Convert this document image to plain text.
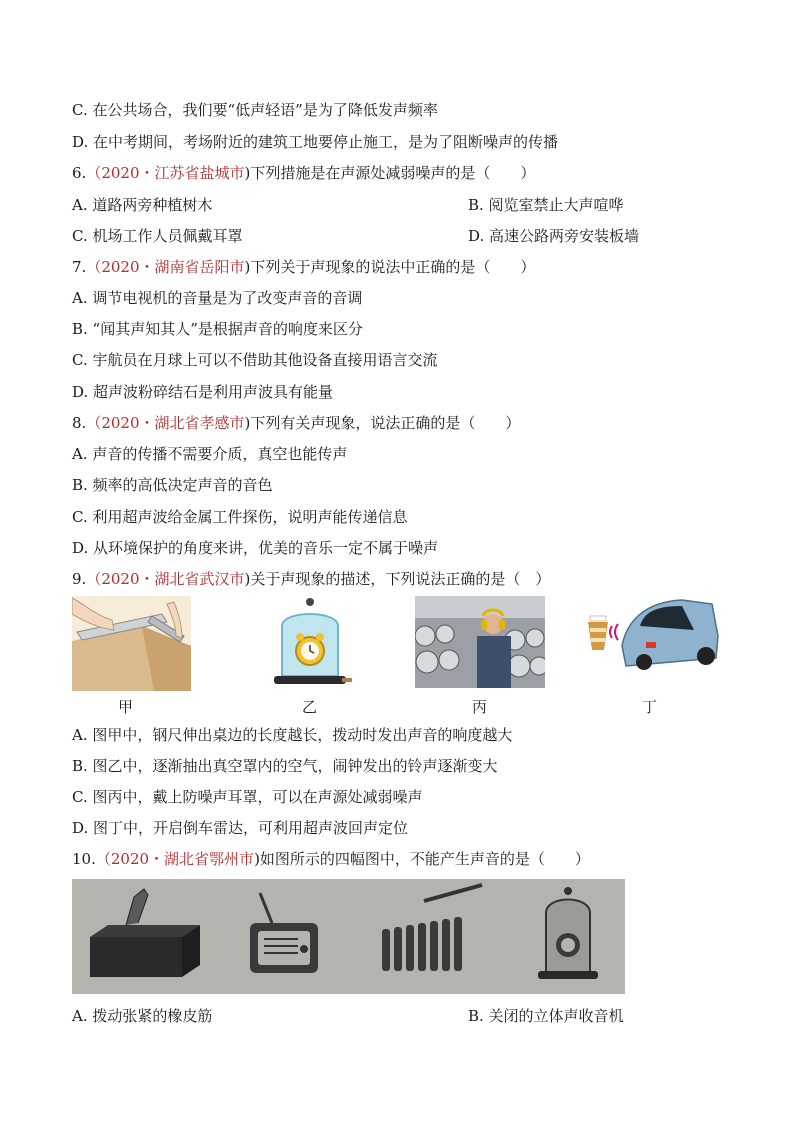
C. 在公共场合，我们要“低声轻语”是为了降低发声频率
D. 在中考期间，考场附近的建筑工地要停止施工，是为了阻断噪声的传播
6.（2020・江苏省盐城市)下列措施是在声源处减弱噪声的是（　　）
A. 道路两旁种植树木	B. 阅览室禁止大声喧哗
C. 机场工作人员佩戴耳罩	D. 高速公路两旁安装板墙
7.（2020・湖南省岳阳市)下列关于声现象的说法中正确的是（　　）
A. 调节电视机的音量是为了改变声音的音调
B. “闻其声知其人”是根据声音的响度来区分
C. 宇航员在月球上可以不借助其他设备直接用语言交流
D. 超声波粉碎结石是利用声波具有能量
8.（2020・湖北省孝感市)下列有关声现象，说法正确的是（　　）
A. 声音的传播不需要介质，真空也能传声
B. 频率的高低决定声音的音色
C. 利用超声波给金属工件探伤，说明声能传递信息
D. 从环境保护的角度来讲，优美的音乐一定不属于噪声
9.（2020・湖北省武汉市)关于声现象的描述，下列说法正确的是（　）
甲	乙	丙	丁
A. 图甲中，钢尺伸出桌边的长度越长，拨动时发出声音的响度越大
B. 图乙中，逐渐抽出真空罩内的空气，闹钟发出的铃声逐渐变大
C. 图丙中，戴上防噪声耳罩，可以在声源处减弱噪声
D. 图丁中，开启倒车雷达，可利用超声波回声定位
10.（2020・湖北省鄂州市)如图所示的四幅图中，不能产生声音的是（　　）
A. 拨动张紧的橡皮筋	B. 关闭的立体声收音机
